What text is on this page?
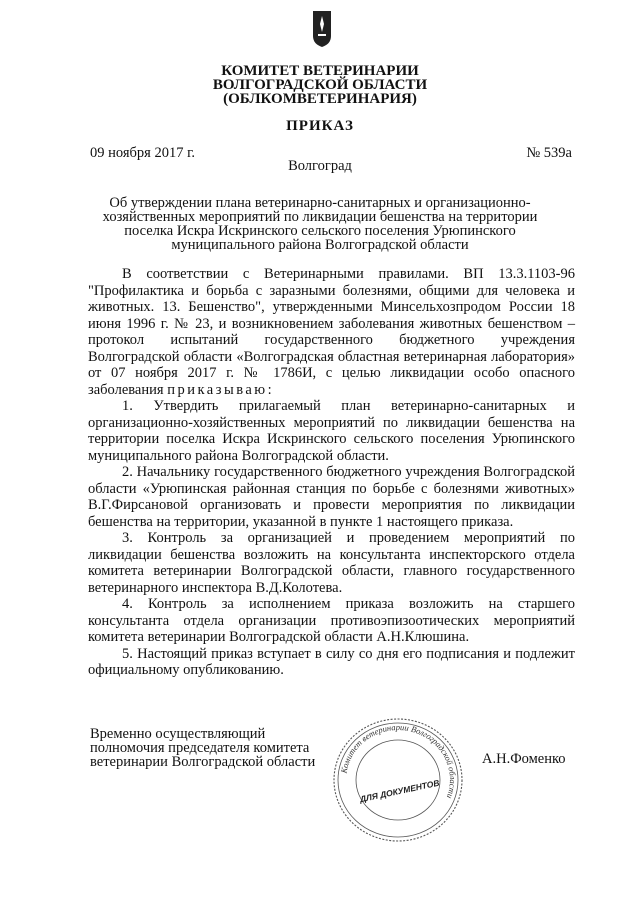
КОМИТЕТ ВЕТЕРИНАРИИ
ВОЛГОГРАДСКОЙ ОБЛАСТИ
(ОБЛКОМВЕТЕРИНАРИЯ)
ПРИКАЗ
09 ноября 2017 г.	№ 539а
Волгоград
Об утверждении плана ветеринарно-санитарных и организационно-хозяйственных мероприятий по ликвидации бешенства на территории поселка Искра Искринского сельского поселения Урюпинского муниципального района Волгоградской области

В соответствии с Ветеринарными правилами. ВП 13.3.1103-96 "Профилактика и борьба с заразными болезнями, общими для человека и животных. 13. Бешенство", утвержденными Минсельхозпродом России 18 июня 1996 г. № 23, и возникновением заболевания животных бешенством – протокол испытаний государственного бюджетного учреждения Волгоградской области «Волгоградская областная ветеринарная лаборатория» от 07 ноября 2017 г. № 1786И, с целью ликвидации особо опасного заболевания приказываю:

1. Утвердить прилагаемый план ветеринарно-санитарных и организационно-хозяйственных мероприятий по ликвидации бешенства на территории поселка Искра Искринского сельского поселения Урюпинского муниципального района Волгоградской области.

2. Начальнику государственного бюджетного учреждения Волгоградской области «Урюпинская районная станция по борьбе с болезнями животных» В.Г.Фирсановой организовать и провести мероприятия по ликвидации бешенства на территории, указанной в пункте 1 настоящего приказа.

3. Контроль за организацией и проведением мероприятий по ликвидации бешенства возложить на консультанта инспекторского отдела комитета ветеринарии Волгоградской области, главного государственного ветеринарного инспектора В.Д.Колотева.

4. Контроль за исполнением приказа возложить на старшего консультанта отдела организации противоэпизоотических мероприятий комитета ветеринарии Волгоградской области А.Н.Клюшина.

5. Настоящий приказ вступает в силу со дня его подписания и подлежит официальному опубликованию.

Временно осуществляющий
полномочия председателя комитета
ветеринарии Волгоградской области
Комитет ветеринарии Волгоградской области
ДЛЯ ДОКУМЕНТОВ
А.Н.Фоменко
